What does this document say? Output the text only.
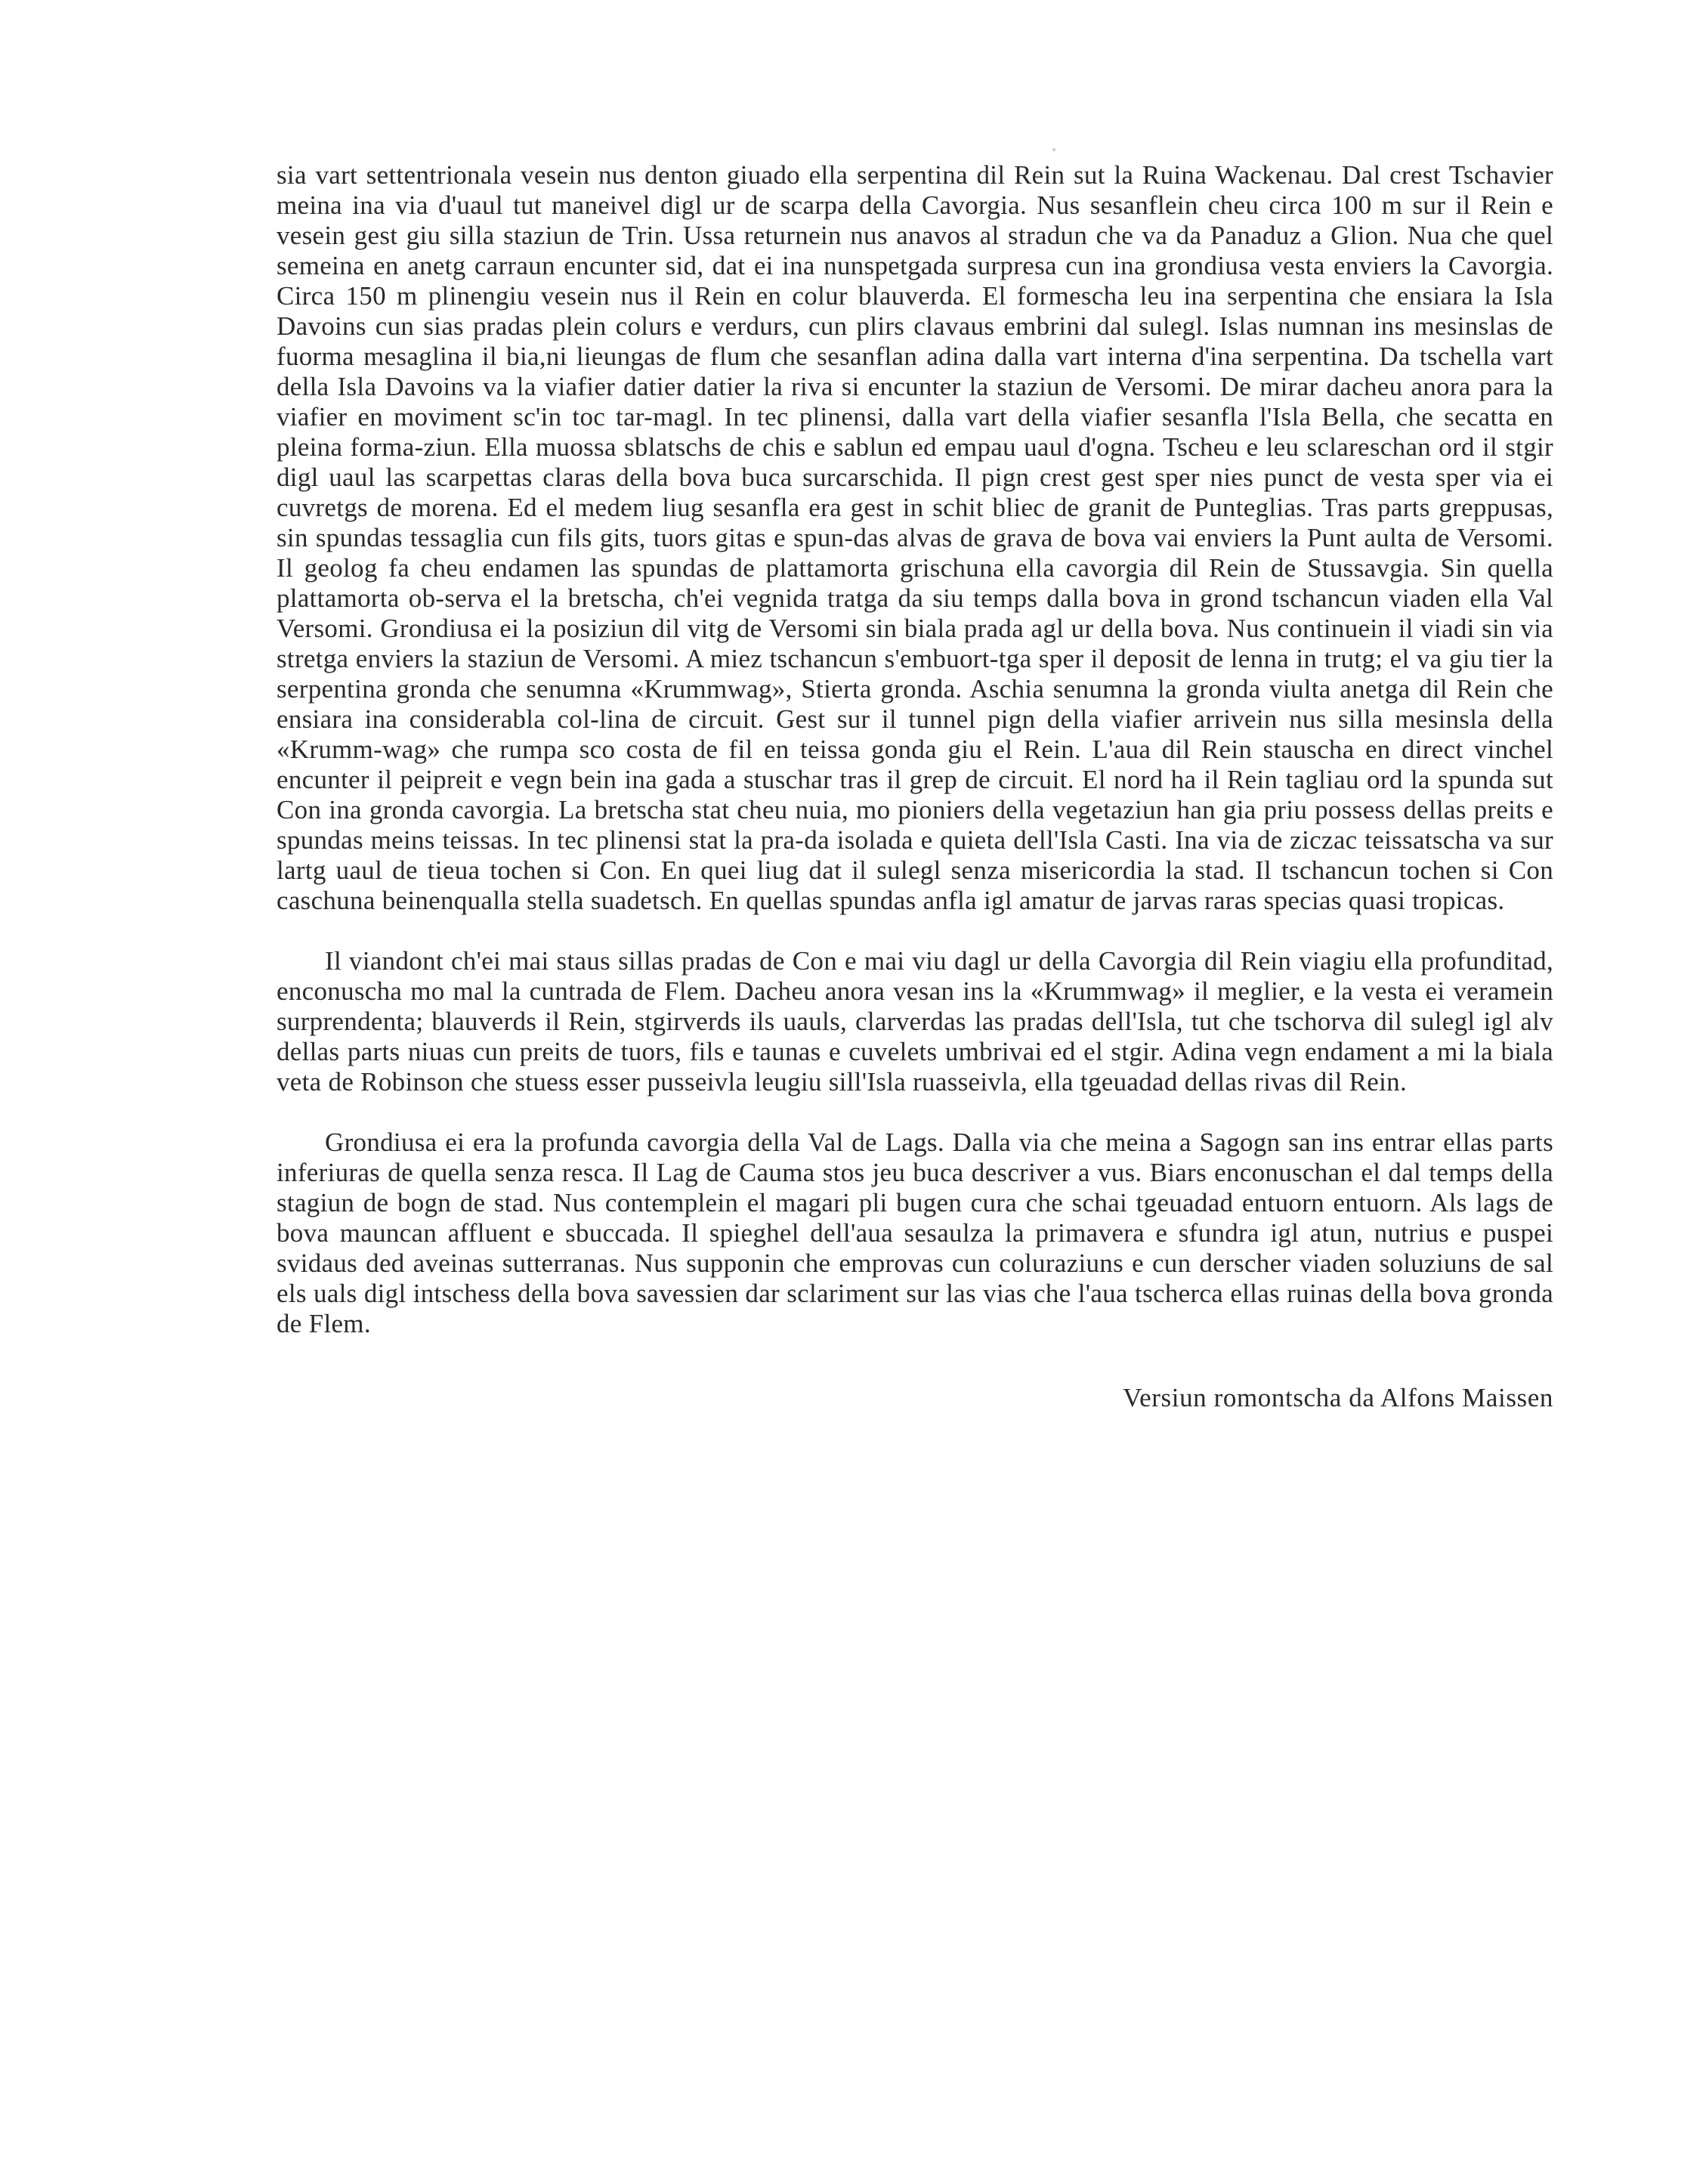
sia vart settentrionala vesein nus denton giuado ella serpentina dil Rein sut la Ruina Wackenau. Dal crest Tschavier meina ina via d'uaul tut maneivel digl ur de scarpa della Cavorgia. Nus sesanflein cheu circa 100 m sur il Rein e vesein gest giu silla staziun de Trin. Ussa returnein nus anavos al stradun che va da Panaduz a Glion. Nua che quel semeina en anetg carraun encunter sid, dat ei ina nunspetgada surpresa cun ina grondiusa vesta enviers la Cavorgia. Circa 150 m plinengiu vesein nus il Rein en colur blauverda. El formescha leu ina serpentina che ensiara la Isla Davoins cun sias pradas plein colurs e verdurs, cun plirs clavaus embrini dal sulegl. Islas numnan ins mesinslas de fuorma mesaglina il bia,ni lieungas de flum che sesanflan adina dalla vart interna d'ina serpentina. Da tschella vart della Isla Davoins va la viafier datier datier la riva si encunter la staziun de Versomi. De mirar dacheu anora para la viafier en moviment sc'in toc tar-magl. In tec plinensi, dalla vart della viafier sesanfla l'Isla Bella, che secatta en pleina forma-ziun. Ella muossa sblatschs de chis e sablun ed empau uaul d'ogna. Tscheu e leu sclareschan ord il stgir digl uaul las scarpettas claras della bova buca surcarschida. Il pign crest gest sper nies punct de vesta sper via ei cuvretgs de morena. Ed el medem liug sesanfla era gest in schit bliec de granit de Punteglias. Tras parts greppusas, sin spundas tessaglia cun fils gits, tuors gitas e spun-das alvas de grava de bova vai enviers la Punt aulta de Versomi. Il geolog fa cheu endamen las spundas de plattamorta grischuna ella cavorgia dil Rein de Stussavgia. Sin quella plattamorta ob-serva el la bretscha, ch'ei vegnida tratga da siu temps dalla bova in grond tschancun viaden ella Val Versomi. Grondiusa ei la posiziun dil vitg de Versomi sin biala prada agl ur della bova. Nus continuein il viadi sin via stretga enviers la staziun de Versomi. A miez tschancun s'embuort-tga sper il deposit de lenna in trutg; el va giu tier la serpentina gronda che senumna «Krummwag», Stierta gronda. Aschia senumna la gronda viulta anetga dil Rein che ensiara ina considerabla col-lina de circuit. Gest sur il tunnel pign della viafier arrivein nus silla mesinsla della «Krumm-wag» che rumpa sco costa de fil en teissa gonda giu el Rein. L'aua dil Rein stauscha en direct vinchel encunter il peipreit e vegn bein ina gada a stuschar tras il grep de circuit. El nord ha il Rein tagliau ord la spunda sut Con ina gronda cavorgia. La bretscha stat cheu nuia, mo pioniers della vegetaziun han gia priu possess dellas preits e spundas meins teissas. In tec plinensi stat la pra-da isolada e quieta dell'Isla Casti. Ina via de ziczac teissatscha va sur lartg uaul de tieua tochen si Con. En quei liug dat il sulegl senza misericordia la stad. Il tschancun tochen si Con caschuna beinenqualla stella suadetsch. En quellas spundas anfla igl amatur de jarvas raras specias quasi tropicas.

Il viandont ch'ei mai staus sillas pradas de Con e mai viu dagl ur della Cavorgia dil Rein viagiu ella profunditad, enconuscha mo mal la cuntrada de Flem. Dacheu anora vesan ins la «Krummwag» il meglier, e la vesta ei veramein surprendenta; blauverds il Rein, stgirverds ils uauls, clarverdas las pradas dell'Isla, tut che tschorva dil sulegl igl alv dellas parts niuas cun preits de tuors, fils e taunas e cuvelets umbrivai ed el stgir. Adina vegn endament a mi la biala veta de Robinson che stuess esser pusseivla leugiu sill'Isla ruasseivla, ella tgeuadad dellas rivas dil Rein.

Grondiusa ei era la profunda cavorgia della Val de Lags. Dalla via che meina a Sagogn san ins entrar ellas parts inferiuras de quella senza resca. Il Lag de Cauma stos jeu buca descriver a vus. Biars enconuschan el dal temps della stagiun de bogn de stad. Nus contemplein el magari pli bugen cura che schai tgeuadad entuorn entuorn. Als lags de bova mauncan affluent e sbuccada. Il spieghel dell'aua sesaulza la primavera e sfundra igl atun, nutrius e puspei svidaus ded aveinas sutterranas. Nus supponin che emprovas cun coluraziuns e cun derscher viaden soluziuns de sal els uals digl intschess della bova savessien dar sclariment sur las vias che l'aua tscherca ellas ruinas della bova gronda de Flem.

Versiun romontscha da Alfons Maissen
